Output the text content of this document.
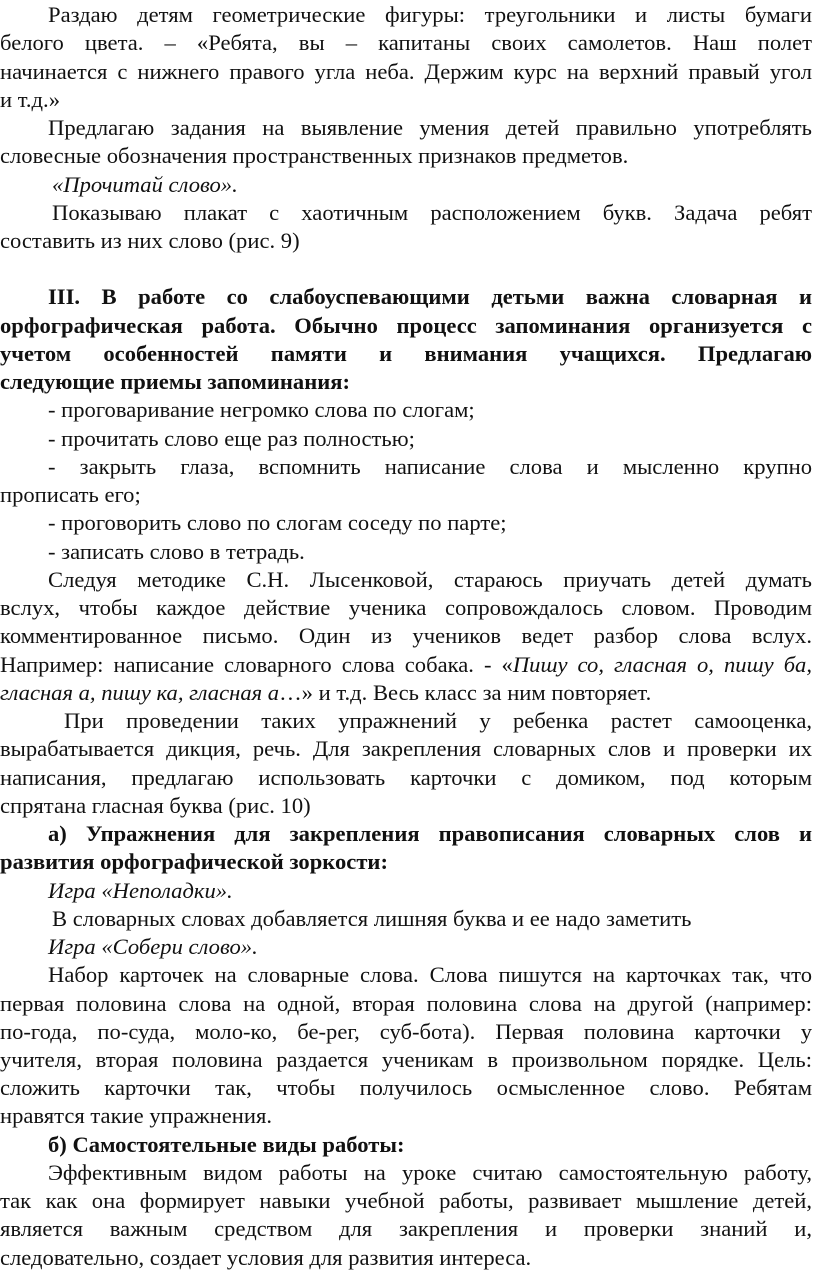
Раздаю детям геометрические фигуры: треугольники и листы бумаги
белого цвета. – «Ребята, вы – капитаны своих самолетов. Наш полет
начинается с нижнего правого угла неба. Держим курс на верхний правый угол
и т.д.»
Предлагаю задания на выявление умения детей правильно употреблять
словесные обозначения пространственных признаков предметов.
«Прочитай слово».
Показываю плакат с хаотичным расположением букв. Задача ребят
составить из них слово (рис. 9)
III. В работе со слабоуспевающими детьми важна словарная и
орфографическая работа. Обычно процесс запоминания организуется с
учетом особенностей памяти и внимания учащихся. Предлагаю
следующие приемы запоминания:
- проговаривание негромко слова по слогам;
- прочитать слово еще раз полностью;
- закрыть глаза, вспомнить написание слова и мысленно крупно
прописать его;
- проговорить слово по слогам соседу по парте;
- записать слово в тетрадь.
Следуя методике С.Н. Лысенковой, стараюсь приучать детей думать
вслух, чтобы каждое действие ученика сопровождалось словом. Проводим
комментированное письмо. Один из учеников ведет разбор слова вслух.
Например: написание словарного слова собака. - «Пишу со, гласная о, пишу ба,
гласная а, пишу ка, гласная а…» и т.д. Весь класс за ним повторяет.
При проведении таких упражнений у ребенка растет самооценка,
вырабатывается дикция, речь. Для закрепления словарных слов и проверки их
написания, предлагаю использовать карточки с домиком, под которым
спрятана гласная буква (рис. 10)
а) Упражнения для закрепления правописания словарных слов и
развития орфографической зоркости:
Игра «Неполадки».
В словарных словах добавляется лишняя буква и ее надо заметить
Игра «Собери слово».
Набор карточек на словарные слова. Слова пишутся на карточках так, что
первая половина слова на одной, вторая половина слова на другой (например:
по-года, по-суда, моло-ко, бе-рег, суб-бота). Первая половина карточки у
учителя, вторая половина раздается ученикам в произвольном порядке. Цель:
сложить карточки так, чтобы получилось осмысленное слово. Ребятам
нравятся такие упражнения.
б) Самостоятельные виды работы:
Эффективным видом работы на уроке считаю самостоятельную работу,
так как она формирует навыки учебной работы, развивает мышление детей,
является важным средством для закрепления и проверки знаний и,
следовательно, создает условия для развития интереса.
